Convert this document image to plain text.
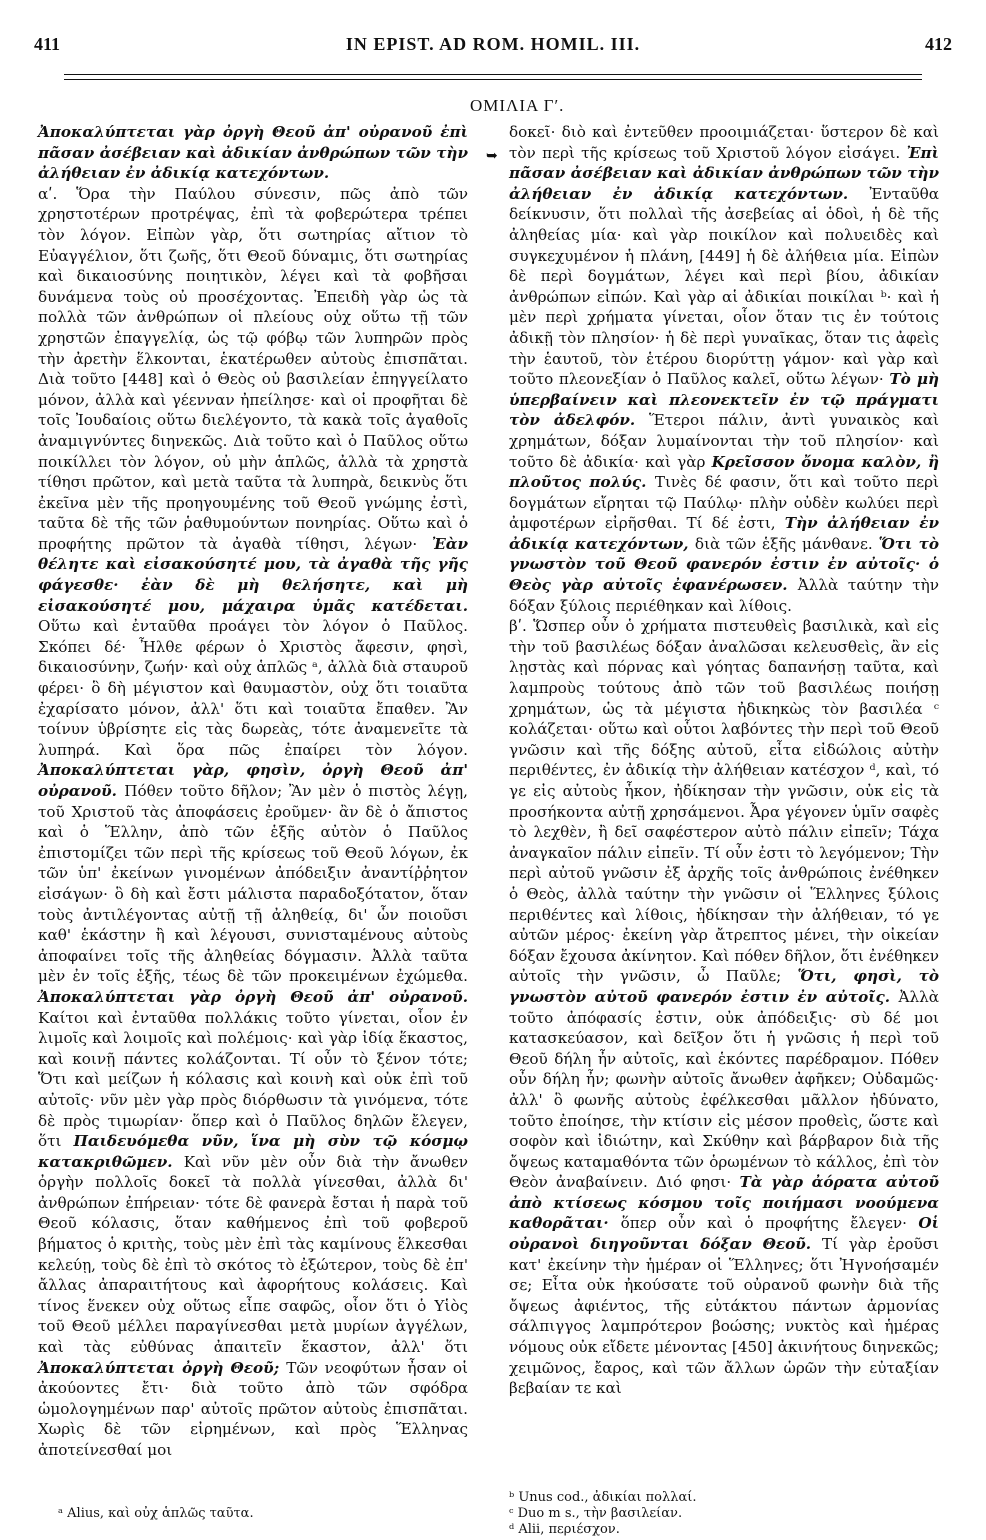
411	IN EPIST. AD ROM. HOMIL. III.	412
ΟΜΙΛΙΑ Γʹ.

Ἀποκαλύπτεται γὰρ ὀργὴ Θεοῦ ἀπ' οὐρανοῦ ἐπὶ πᾶσαν ἀσέβειαν καὶ ἀδικίαν ἀνθρώπων τῶν τὴν ἀλήθειαν ἐν ἀδικίᾳ κατεχόντων.

αʹ. Ὅρα τὴν Παύλου σύνεσιν, πῶς ἀπὸ τῶν χρηστοτέρων προτρέψας, ἐπὶ τὰ φοβερώτερα τρέπει τὸν λόγον. Εἰπὼν γὰρ, ὅτι σωτηρίας αἴτιον τὸ Εὐαγγέλιον, ὅτι ζωῆς, ὅτι Θεοῦ δύναμις, ὅτι σωτηρίας καὶ δικαιοσύνης ποιητικὸν, λέγει καὶ τὰ φοβῆσαι δυνάμενα τοὺς οὐ προσέχοντας. Ἐπειδὴ γὰρ ὡς τὰ πολλὰ τῶν ἀνθρώπων οἱ πλείους οὐχ οὕτω τῇ τῶν χρηστῶν ἐπαγγελίᾳ, ὡς τῷ φόβῳ τῶν λυπηρῶν πρὸς τὴν ἀρετὴν ἕλκονται, ἑκατέρωθεν αὐτοὺς ἐπισπᾶται. Διὰ τοῦτο [448] καὶ ὁ Θεὸς οὐ βασιλείαν ἐπηγγείλατο μόνον, ἀλλὰ καὶ γέενναν ἠπείλησε· καὶ οἱ προφῆται δὲ τοῖς Ἰουδαίοις οὕτω διελέγοντο, τὰ κακὰ τοῖς ἀγαθοῖς ἀναμιγνύντες διηνεκῶς. Διὰ τοῦτο καὶ ὁ Παῦλος οὕτω ποικίλλει τὸν λόγον, οὐ μὴν ἁπλῶς, ἀλλὰ τὰ χρηστὰ τίθησι πρῶτον, καὶ μετὰ ταῦτα τὰ λυπηρὰ, δεικνὺς ὅτι ἐκεῖνα μὲν τῆς προηγουμένης τοῦ Θεοῦ γνώμης ἐστὶ, ταῦτα δὲ τῆς τῶν ῥαθυμούντων πονηρίας. Οὕτω καὶ ὁ προφήτης πρῶτον τὰ ἀγαθὰ τίθησι, λέγων· Ἐὰν θέλητε καὶ εἰσακούσητέ μου, τὰ ἀγαθὰ τῆς γῆς φάγεσθε· ἐὰν δὲ μὴ θελήσητε, καὶ μὴ εἰσακούσητέ μου, μάχαιρα ὑμᾶς κατέδεται. Οὕτω καὶ ἐνταῦθα προάγει τὸν λόγον ὁ Παῦλος. Σκόπει δέ· Ἦλθε φέρων ὁ Χριστὸς ἄφεσιν, φησὶ, δικαιοσύνην, ζωήν· καὶ οὐχ ἁπλῶς ᵃ, ἀλλὰ διὰ σταυροῦ φέρει· ὃ δὴ μέγιστον καὶ θαυμαστὸν, οὐχ ὅτι τοιαῦτα ἐχαρίσατο μόνον, ἀλλ' ὅτι καὶ τοιαῦτα ἔπαθεν. Ἂν τοίνυν ὑβρίσητε εἰς τὰς δωρεὰς, τότε ἀναμενεῖτε τὰ λυπηρά. Καὶ ὅρα πῶς ἐπαίρει τὸν λόγον. Ἀποκαλύπτεται γὰρ, φησὶν, ὀργὴ Θεοῦ ἀπ' οὐρανοῦ. Πόθεν τοῦτο δῆλον; Ἂν μὲν ὁ πιστὸς λέγῃ, τοῦ Χριστοῦ τὰς ἀποφάσεις ἐροῦμεν· ἂν δὲ ὁ ἄπιστος καὶ ὁ Ἕλλην, ἀπὸ τῶν ἑξῆς αὐτὸν ὁ Παῦλος ἐπιστομίζει τῶν περὶ τῆς κρίσεως τοῦ Θεοῦ λόγων, ἐκ τῶν ὑπ' ἐκείνων γινομένων ἀπόδειξιν ἀναντίῤῥητον εἰσάγων· ὃ δὴ καὶ ἔστι μάλιστα παραδοξότατον, ὅταν τοὺς ἀντιλέγοντας αὐτῇ τῇ ἀληθείᾳ, δι' ὧν ποιοῦσι καθ' ἑκάστην ἢ καὶ λέγουσι, συνισταμένους αὐτοὺς ἀποφαίνει τοῖς τῆς ἀληθείας δόγμασιν. Ἀλλὰ ταῦτα μὲν ἐν τοῖς ἑξῆς, τέως δὲ τῶν προκειμένων ἐχώμεθα. Ἀποκαλύπτεται γὰρ ὀργὴ Θεοῦ ἀπ' οὐρανοῦ. Καίτοι καὶ ἐνταῦθα πολλάκις τοῦτο γίνεται, οἷον ἐν λιμοῖς καὶ λοιμοῖς καὶ πολέμοις· καὶ γὰρ ἰδίᾳ ἕκαστος, καὶ κοινῇ πάντες κολάζονται. Τί οὖν τὸ ξένον τότε; Ὅτι καὶ μείζων ἡ κόλασις καὶ κοινὴ καὶ οὐκ ἐπὶ τοῦ αὐτοῖς· νῦν μὲν γὰρ πρὸς διόρθωσιν τὰ γινόμενα, τότε δὲ πρὸς τιμωρίαν· ὅπερ καὶ ὁ Παῦλος δηλῶν ἔλεγεν, ὅτι Παιδευόμεθα νῦν, ἵνα μὴ σὺν τῷ κόσμῳ κατακριθῶμεν. Καὶ νῦν μὲν οὖν διὰ τὴν ἄνωθεν ὀργὴν πολλοῖς δοκεῖ τὰ πολλὰ γίνεσθαι, ἀλλὰ δι' ἀνθρώπων ἐπήρειαν· τότε δὲ φανερὰ ἔσται ἡ παρὰ τοῦ Θεοῦ κόλασις, ὅταν καθήμενος ἐπὶ τοῦ φοβεροῦ βήματος ὁ κριτὴς, τοὺς μὲν ἐπὶ τὰς καμίνους ἕλκεσθαι κελεύῃ, τοὺς δὲ ἐπὶ τὸ σκότος τὸ ἐξώτερον, τοὺς δὲ ἐπ' ἄλλας ἀπαραιτήτους καὶ ἀφορήτους κολάσεις. Καὶ τίνος ἕνεκεν οὐχ οὕτως εἶπε σαφῶς, οἷον ὅτι ὁ Υἱὸς τοῦ Θεοῦ μέλλει παραγίνεσθαι μετὰ μυρίων ἀγγέλων, καὶ τὰς εὐθύνας ἀπαιτεῖν ἕκαστον, ἀλλ' ὅτι Ἀποκαλύπτεται ὀργὴ Θεοῦ; Τῶν νεοφύτων ἦσαν οἱ ἀκούοντες ἔτι· διὰ τοῦτο ἀπὸ τῶν σφόδρα ὡμολογημένων παρ' αὐτοῖς πρῶτον αὐτοὺς ἐπισπᾶται. Χωρὶς δὲ τῶν εἰρημένων, καὶ πρὸς Ἕλληνας ἀποτείνεσθαί μοι

➥

δοκεῖ· διὸ καὶ ἐντεῦθεν προοιμιάζεται· ὕστερον δὲ καὶ τὸν περὶ τῆς κρίσεως τοῦ Χριστοῦ λόγον εἰσάγει. Ἐπὶ πᾶσαν ἀσέβειαν καὶ ἀδικίαν ἀνθρώπων τῶν τὴν ἀλήθειαν ἐν ἀδικίᾳ κατεχόντων. Ἐνταῦθα δείκνυσιν, ὅτι πολλαὶ τῆς ἀσεβείας αἱ ὁδοὶ, ἡ δὲ τῆς ἀληθείας μία· καὶ γὰρ ποικίλον καὶ πολυειδὲς καὶ συγκεχυμένον ἡ πλάνη, [449] ἡ δὲ ἀλήθεια μία. Εἰπὼν δὲ περὶ δογμάτων, λέγει καὶ περὶ βίου, ἀδικίαν ἀνθρώπων εἰπών. Καὶ γὰρ αἱ ἀδικίαι ποικίλαι ᵇ· καὶ ἡ μὲν περὶ χρήματα γίνεται, οἷον ὅταν τις ἐν τούτοις ἀδικῇ τὸν πλησίον· ἡ δὲ περὶ γυναῖκας, ὅταν τις ἀφεὶς τὴν ἑαυτοῦ, τὸν ἑτέρου διορύττῃ γάμον· καὶ γὰρ καὶ τοῦτο πλεονεξίαν ὁ Παῦλος καλεῖ, οὕτω λέγων· Τὸ μὴ ὑπερβαίνειν καὶ πλεονεκτεῖν ἐν τῷ πράγματι τὸν ἀδελφόν. Ἕτεροι πάλιν, ἀντὶ γυναικὸς καὶ χρημάτων, δόξαν λυμαίνονται τὴν τοῦ πλησίον· καὶ τοῦτο δὲ ἀδικία· καὶ γὰρ Κρεῖσσον ὄνομα καλὸν, ἢ πλοῦτος πολύς. Τινὲς δέ φασιν, ὅτι καὶ τοῦτο περὶ δογμάτων εἴρηται τῷ Παύλῳ· πλὴν οὐδὲν κωλύει περὶ ἀμφοτέρων εἰρῆσθαι. Τί δέ ἐστι, Τὴν ἀλήθειαν ἐν ἀδικίᾳ κατεχόντων, διὰ τῶν ἑξῆς μάνθανε. Ὅτι τὸ γνωστὸν τοῦ Θεοῦ φανερόν ἐστιν ἐν αὐτοῖς· ὁ Θεὸς γὰρ αὐτοῖς ἐφανέρωσεν. Ἀλλὰ ταύτην τὴν δόξαν ξύλοις περιέθηκαν καὶ λίθοις.

βʹ. Ὥσπερ οὖν ὁ χρήματα πιστευθεὶς βασιλικὰ, καὶ εἰς τὴν τοῦ βασιλέως δόξαν ἀναλῶσαι κελευσθεὶς, ἂν εἰς λῃστὰς καὶ πόρνας καὶ γόητας δαπανήσῃ ταῦτα, καὶ λαμπροὺς τούτους ἀπὸ τῶν τοῦ βασιλέως ποιήσῃ χρημάτων, ὡς τὰ μέγιστα ἠδικηκὼς τὸν βασιλέα ᶜ κολάζεται· οὕτω καὶ οὗτοι λαβόντες τὴν περὶ τοῦ Θεοῦ γνῶσιν καὶ τῆς δόξης αὐτοῦ, εἶτα εἰδώλοις αὐτὴν περιθέντες, ἐν ἀδικίᾳ τὴν ἀλήθειαν κατέσχον ᵈ, καὶ, τό γε εἰς αὐτοὺς ἧκον, ἠδίκησαν τὴν γνῶσιν, οὐκ εἰς τὰ προσήκοντα αὐτῇ χρησάμενοι. Ἆρα γέγονεν ὑμῖν σαφὲς τὸ λεχθὲν, ἢ δεῖ σαφέστερον αὐτὸ πάλιν εἰπεῖν; Τάχα ἀναγκαῖον πάλιν εἰπεῖν. Τί οὖν ἐστι τὸ λεγόμενον; Τὴν περὶ αὐτοῦ γνῶσιν ἐξ ἀρχῆς τοῖς ἀνθρώποις ἐνέθηκεν ὁ Θεὸς, ἀλλὰ ταύτην τὴν γνῶσιν οἱ Ἕλληνες ξύλοις περιθέντες καὶ λίθοις, ἠδίκησαν τὴν ἀλήθειαν, τό γε αὐτῶν μέρος· ἐκείνη γὰρ ἄτρεπτος μένει, τὴν οἰκείαν δόξαν ἔχουσα ἀκίνητον. Καὶ πόθεν δῆλον, ὅτι ἐνέθηκεν αὐτοῖς τὴν γνῶσιν, ὦ Παῦλε; Ὅτι, φησὶ, τὸ γνωστὸν αὐτοῦ φανερόν ἐστιν ἐν αὐτοῖς. Ἀλλὰ τοῦτο ἀπόφασίς ἐστιν, οὐκ ἀπόδειξις· σὺ δέ μοι κατασκεύασον, καὶ δεῖξον ὅτι ἡ γνῶσις ἡ περὶ τοῦ Θεοῦ δήλη ἦν αὐτοῖς, καὶ ἑκόντες παρέδραμον. Πόθεν οὖν δήλη ἦν; φωνὴν αὐτοῖς ἄνωθεν ἀφῆκεν; Οὐδαμῶς· ἀλλ' ὃ φωνῆς αὐτοὺς ἐφέλκεσθαι μᾶλλον ἠδύνατο, τοῦτο ἐποίησε, τὴν κτίσιν εἰς μέσον προθεὶς, ὥστε καὶ σοφὸν καὶ ἰδιώτην, καὶ Σκύθην καὶ βάρβαρον διὰ τῆς ὄψεως καταμαθόντα τῶν ὁρωμένων τὸ κάλλος, ἐπὶ τὸν Θεὸν ἀναβαίνειν. Διό φησι· Τὰ γὰρ ἀόρατα αὐτοῦ ἀπὸ κτίσεως κόσμου τοῖς ποιήμασι νοούμενα καθορᾶται· ὅπερ οὖν καὶ ὁ προφήτης ἔλεγεν· Οἱ οὐρανοὶ διηγοῦνται δόξαν Θεοῦ. Τί γὰρ ἐροῦσι κατ' ἐκείνην τὴν ἡμέραν οἱ Ἕλληνες; ὅτι Ἠγνοήσαμέν σε; Εἶτα οὐκ ἠκούσατε τοῦ οὐρανοῦ φωνὴν διὰ τῆς ὄψεως ἀφιέντος, τῆς εὐτάκτου πάντων ἁρμονίας σάλπιγγος λαμπρότερον βοώσης; νυκτὸς καὶ ἡμέρας νόμους οὐκ εἴδετε μένοντας [450] ἀκινήτους διηνεκῶς; χειμῶνος, ἔαρος, καὶ τῶν ἄλλων ὡρῶν τὴν εὐταξίαν βεβαίαν τε καὶ

ᵃ Alius, καὶ οὐχ ἁπλῶς ταῦτα.
ᵇ Unus cod., ἀδικίαι πολλαί.
ᶜ Duo m s., τὴν βασιλείαν.
ᵈ Alii, περιέσχον.
